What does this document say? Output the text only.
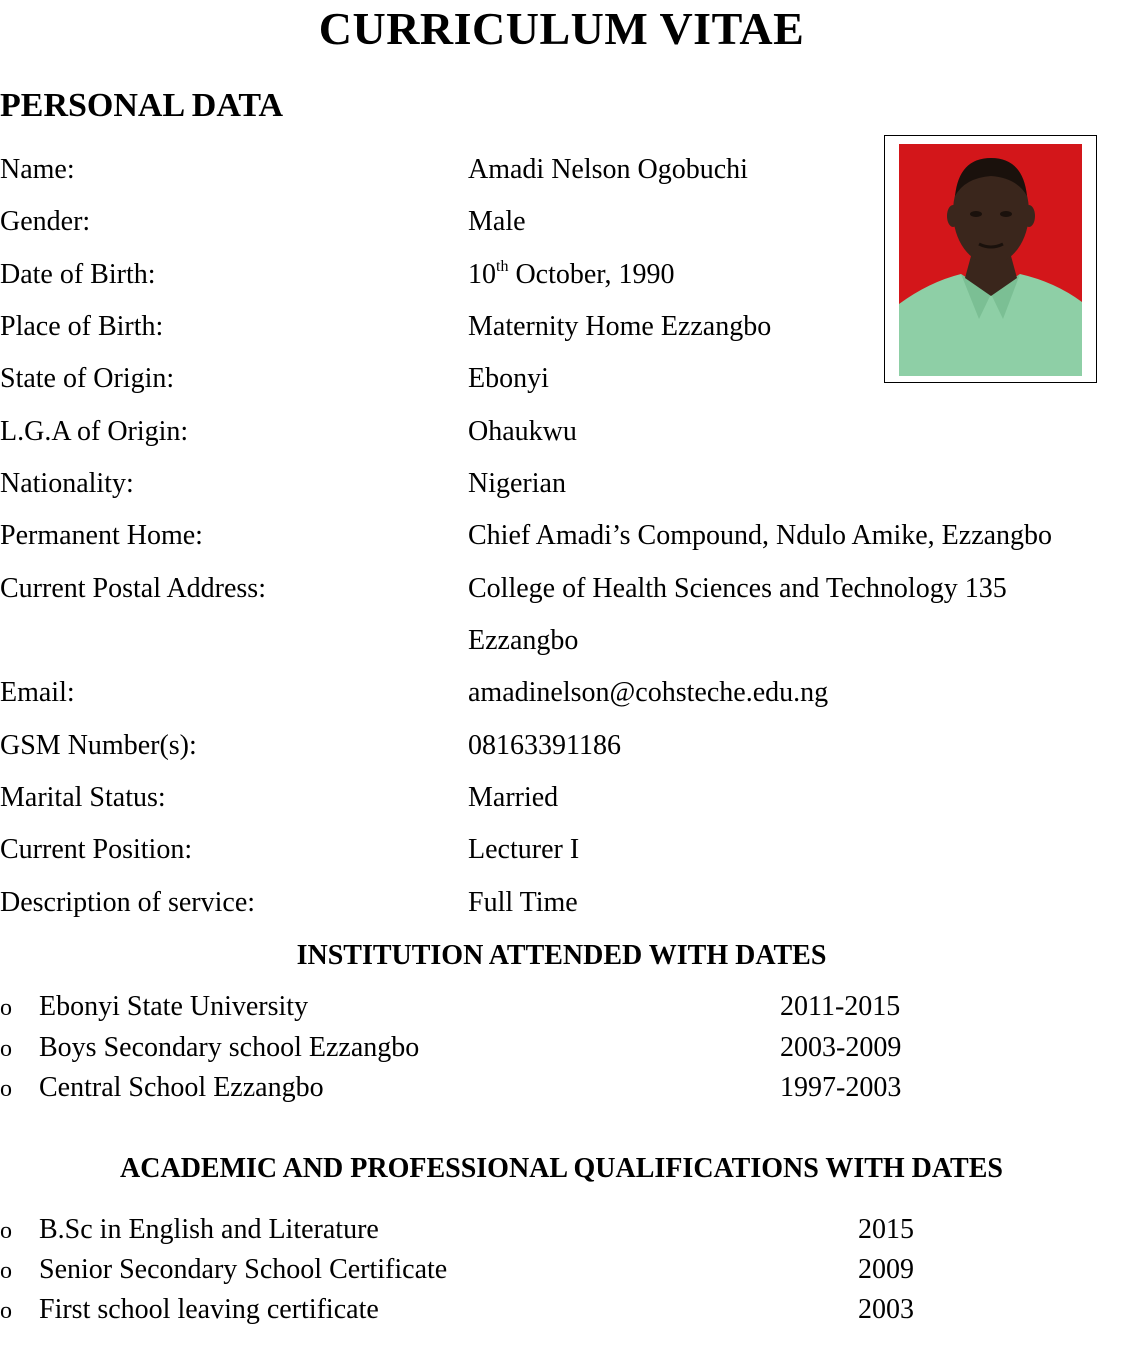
CURRICULUM VITAE
PERSONAL DATA
Name:	Amadi Nelson Ogobuchi
Gender:	Male
Date of Birth:	10th October, 1990
Place of Birth:	Maternity Home Ezzangbo
State of Origin:	Ebonyi
L.G.A of Origin:	Ohaukwu
Nationality:	Nigerian
Permanent Home:	Chief Amadi’s Compound, Ndulo Amike, Ezzangbo
Current Postal Address:	College of Health Sciences and Technology 135
Ezzangbo
Email:	amadinelson@cohsteche.edu.ng
GSM Number(s):	08163391186
Marital Status:	Married
Current Position:	Lecturer I
Description of service:	Full Time
INSTITUTION ATTENDED WITH DATES
o Ebonyi State University	2011-2015
o Boys Secondary school Ezzangbo	2003-2009
o Central School Ezzangbo	1997-2003
ACADEMIC AND PROFESSIONAL QUALIFICATIONS WITH DATES
o B.Sc in English and Literature	2015
o Senior Secondary School Certificate	2009
o First school leaving certificate	2003
